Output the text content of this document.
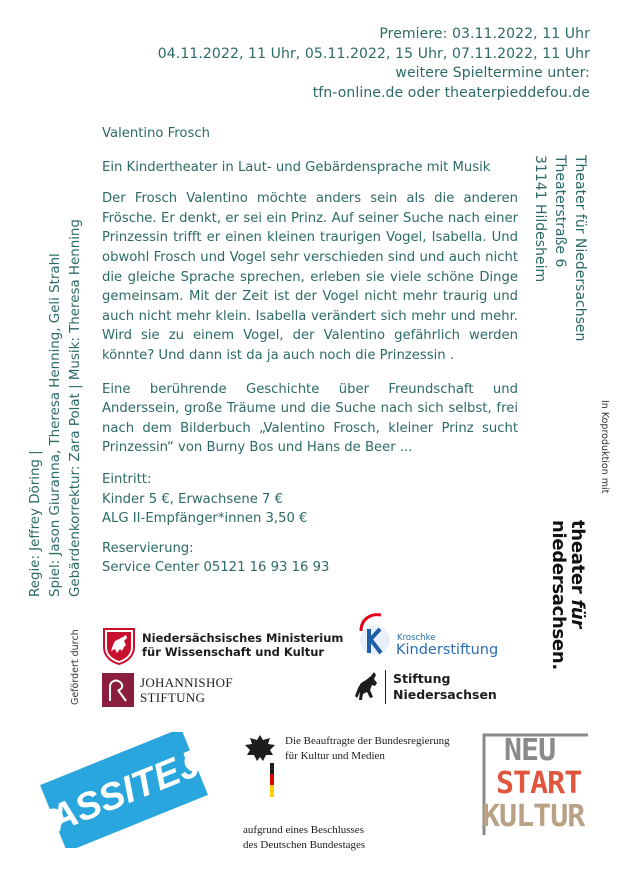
Premiere: 03.11.2022, 11 Uhr
04.11.2022, 11 Uhr, 05.11.2022, 15 Uhr, 07.11.2022, 11 Uhr
weitere Spieltermine unter:
tfn-online.de oder theaterpieddefou.de

Valentino Frosch

Ein Kindertheater in Laut- und Gebärdensprache mit Musik

Der Frosch Valentino möchte anders sein als die anderen Frösche. Er denkt, er sei ein Prinz. Auf seiner Suche nach einer Prinzessin trifft er einen kleinen traurigen Vogel, Isabella. Und obwohl Frosch und Vogel sehr verschieden sind und auch nicht die gleiche Sprache sprechen, erleben sie viele schöne Dinge gemeinsam. Mit der Zeit ist der Vogel nicht mehr traurig und auch nicht mehr klein. Isabella verändert sich mehr und mehr. Wird sie zu einem Vogel, der Valentino gefährlich werden könnte? Und dann ist da ja auch noch die Prinzessin .

Eine berührende Geschichte über Freundschaft und Anderssein, große Träume und die Suche nach sich selbst, frei nach dem Bilderbuch „Valentino Frosch, kleiner Prinz sucht Prinzessin“ von Burny Bos und Hans de Beer ...

Eintritt:

Kinder 5 €, Erwachsene 7 €

ALG II-Empfänger*innen 3,50 €

Reservierung:

Service Center 05121 16 93 16 93

Regie: Jeffrey Döring | Spiel: Jason Giuranna, Theresa Henning, Geli Strahl Gebärdenkorrektur: Zara Polat | Musik: Theresa Henning	Theater für Niedersachsen
Theaterstraße 6
31141 Hildesheim
In Koproduktion mit
theater für
niedersachsen.
Gefördert durch	Niedersächsisches Ministerium
für Wissenschaft und Kultur
JOHANNISHOF
STIFTUNG
Kroschke
Kinderstiftung
Stiftung
Niedersachsen
ASSITEJ
Die Beauftragte der Bundesregierung
für Kultur und Medien
aufgrund eines Beschlusses
des Deutschen Bundestages
NEU
START
KULTUR
